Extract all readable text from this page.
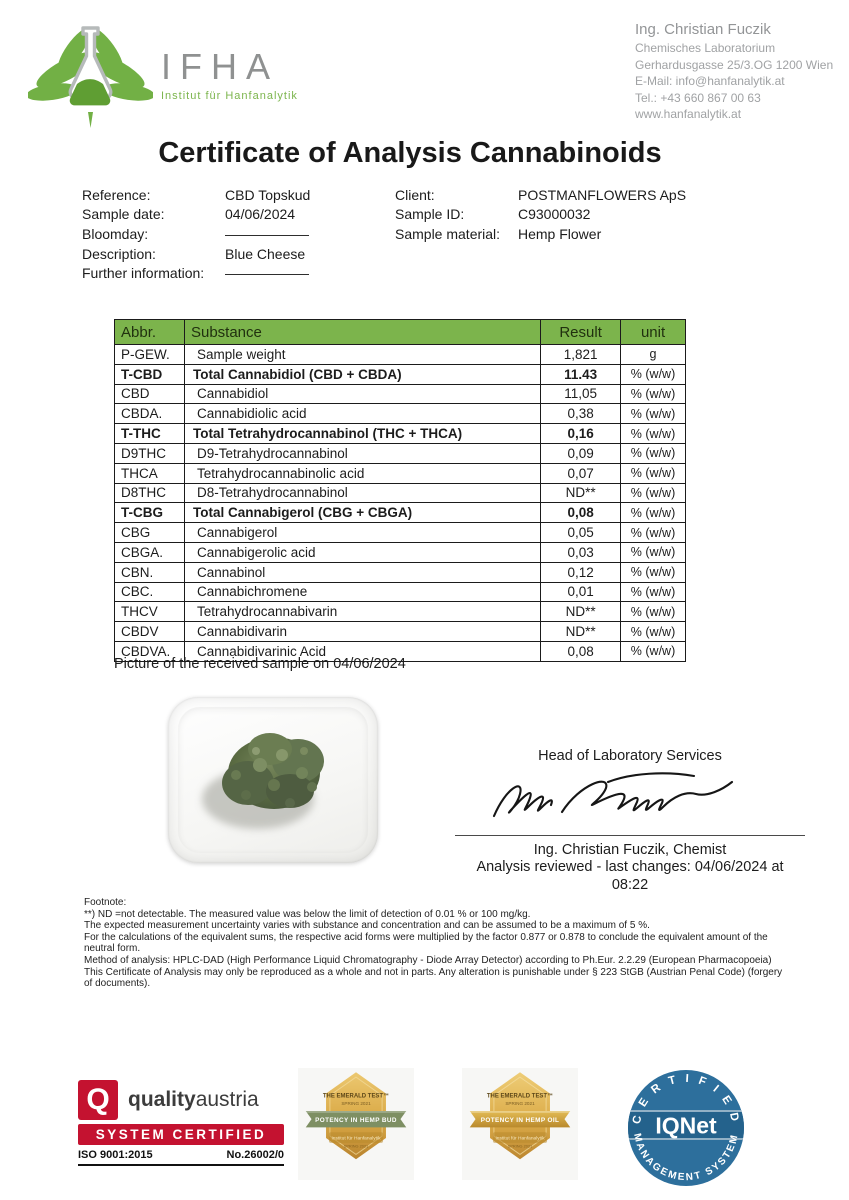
IFHA
Institut für Hanfanalytik
Ing. Christian Fuczik
Chemisches Laboratorium
Gerhardusgasse 25/3.OG 1200 Wien
E-Mail: info@hanfanalytik.at
Tel.: +43 660 867 00 63
www.hanfanalytik.at
Certificate of Analysis Cannabinoids
Reference:	CBD Topskud
Sample date:	04/06/2024
Bloomday:	——————
Description:	Blue Cheese
Further information:	——————
Client:	POSTMANFLOWERS ApS
Sample ID:	C93000032
Sample material:	Hemp Flower
Abbr.	Substance	Result	unit
P-GEW.	Sample weight	1,821	g
T-CBD	Total Cannabidiol (CBD + CBDA)	11.43	% (w/w)
CBD	Cannabidiol	11,05	% (w/w)
CBDA.	Cannabidiolic acid	0,38	% (w/w)
T-THC	Total Tetrahydrocannabinol (THC + THCA)	0,16	% (w/w)
D9THC	D9-Tetrahydrocannabinol	0,09	% (w/w)
THCA	Tetrahydrocannabinolic acid	0,07	% (w/w)
D8THC	D8-Tetrahydrocannabinol	ND**	% (w/w)
T-CBG	Total Cannabigerol (CBG + CBGA)	0,08	% (w/w)
CBG	Cannabigerol	0,05	% (w/w)
CBGA.	Cannabigerolic acid	0,03	% (w/w)
CBN.	Cannabinol	0,12	% (w/w)
CBC.	Cannabichromene	0,01	% (w/w)
THCV	Tetrahydrocannabivarin	ND**	% (w/w)
CBDV	Cannabidivarin	ND**	% (w/w)
CBDVA.	Cannabidivarinic Acid	0,08	% (w/w)
Picture of the received sample on 04/06/2024
Head of Laboratory Services
Ing. Christian Fuczik, Chemist
Analysis reviewed - last changes: 04/06/2024 at
08:22
Footnote:
**) ND =not detectable. The measured value was below the limit of detection of 0.01 % or 100 mg/kg.
The expected measurement uncertainty varies with substance and concentration and can be assumed to be a maximum of 5 %.
For the calculations of the equivalent sums, the respective acid forms were multiplied by the factor 0.877 or 0.878 to conclude the equivalent amount of the neutral form.
Method of analysis: HPLC-DAD (High Performance Liquid Chromatography - Diode Array Detector) according to Ph.Eur. 2.2.29 (European Pharmacopoeia)
This Certificate of Analysis may only be reproduced as a whole and not in parts. Any alteration is punishable under § 223 StGB (Austrian Penal Code) (forgery of documents).
Q qualityaustria
SYSTEM CERTIFIED
ISO 9001:2015	No.26002/0
THE EMERALD TEST™
SPRING 2021
POTENCY IN HEMP BUD
Institut für Hanfanalytik
SPRING 2021
THE EMERALD TEST™
SPRING 2021
POTENCY IN HEMP OIL
Institut für Hanfanalytik
SPRING 2021
C E R T I F I E D
IQNet
MANAGEMENT SYSTEM
